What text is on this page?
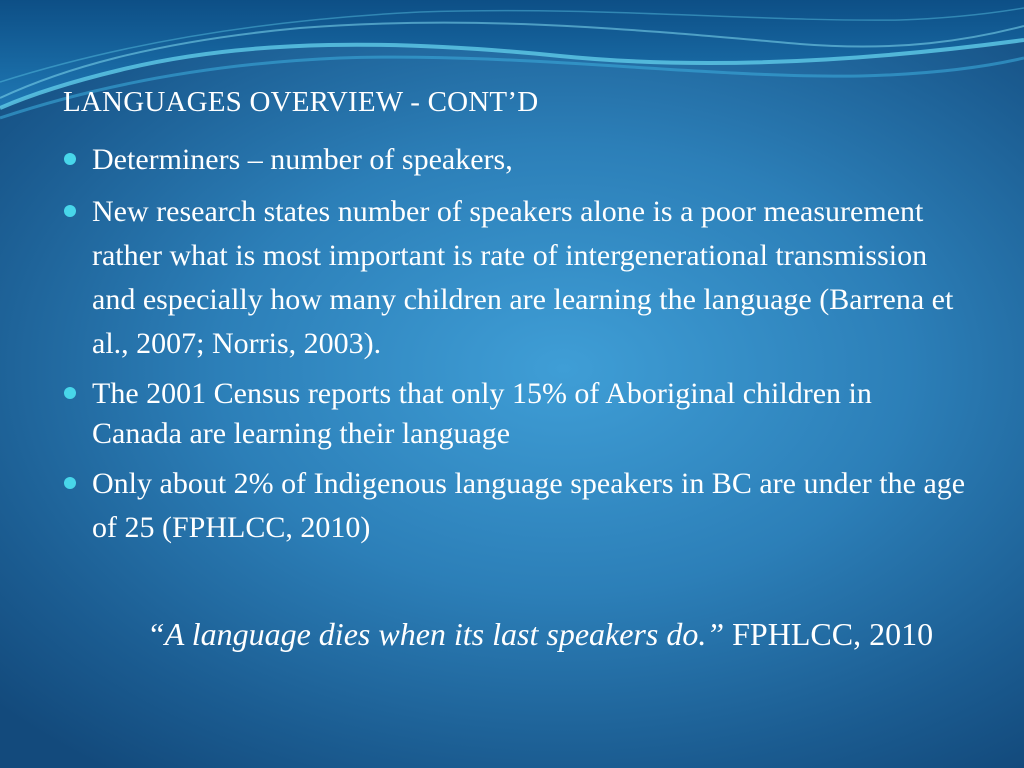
LANGUAGES OVERVIEW - CONT’D
Determiners – number of speakers,
New research states number of speakers alone is a poor measurement rather what is most important is rate of intergenerational transmission and especially how many children are learning the language (Barrena et al., 2007; Norris, 2003).
The 2001 Census reports that only 15% of Aboriginal children in Canada are learning their language
Only about 2% of Indigenous language speakers in BC are under the age of 25 (FPHLCC, 2010)
“A language dies when its last speakers do.” FPHLCC, 2010
